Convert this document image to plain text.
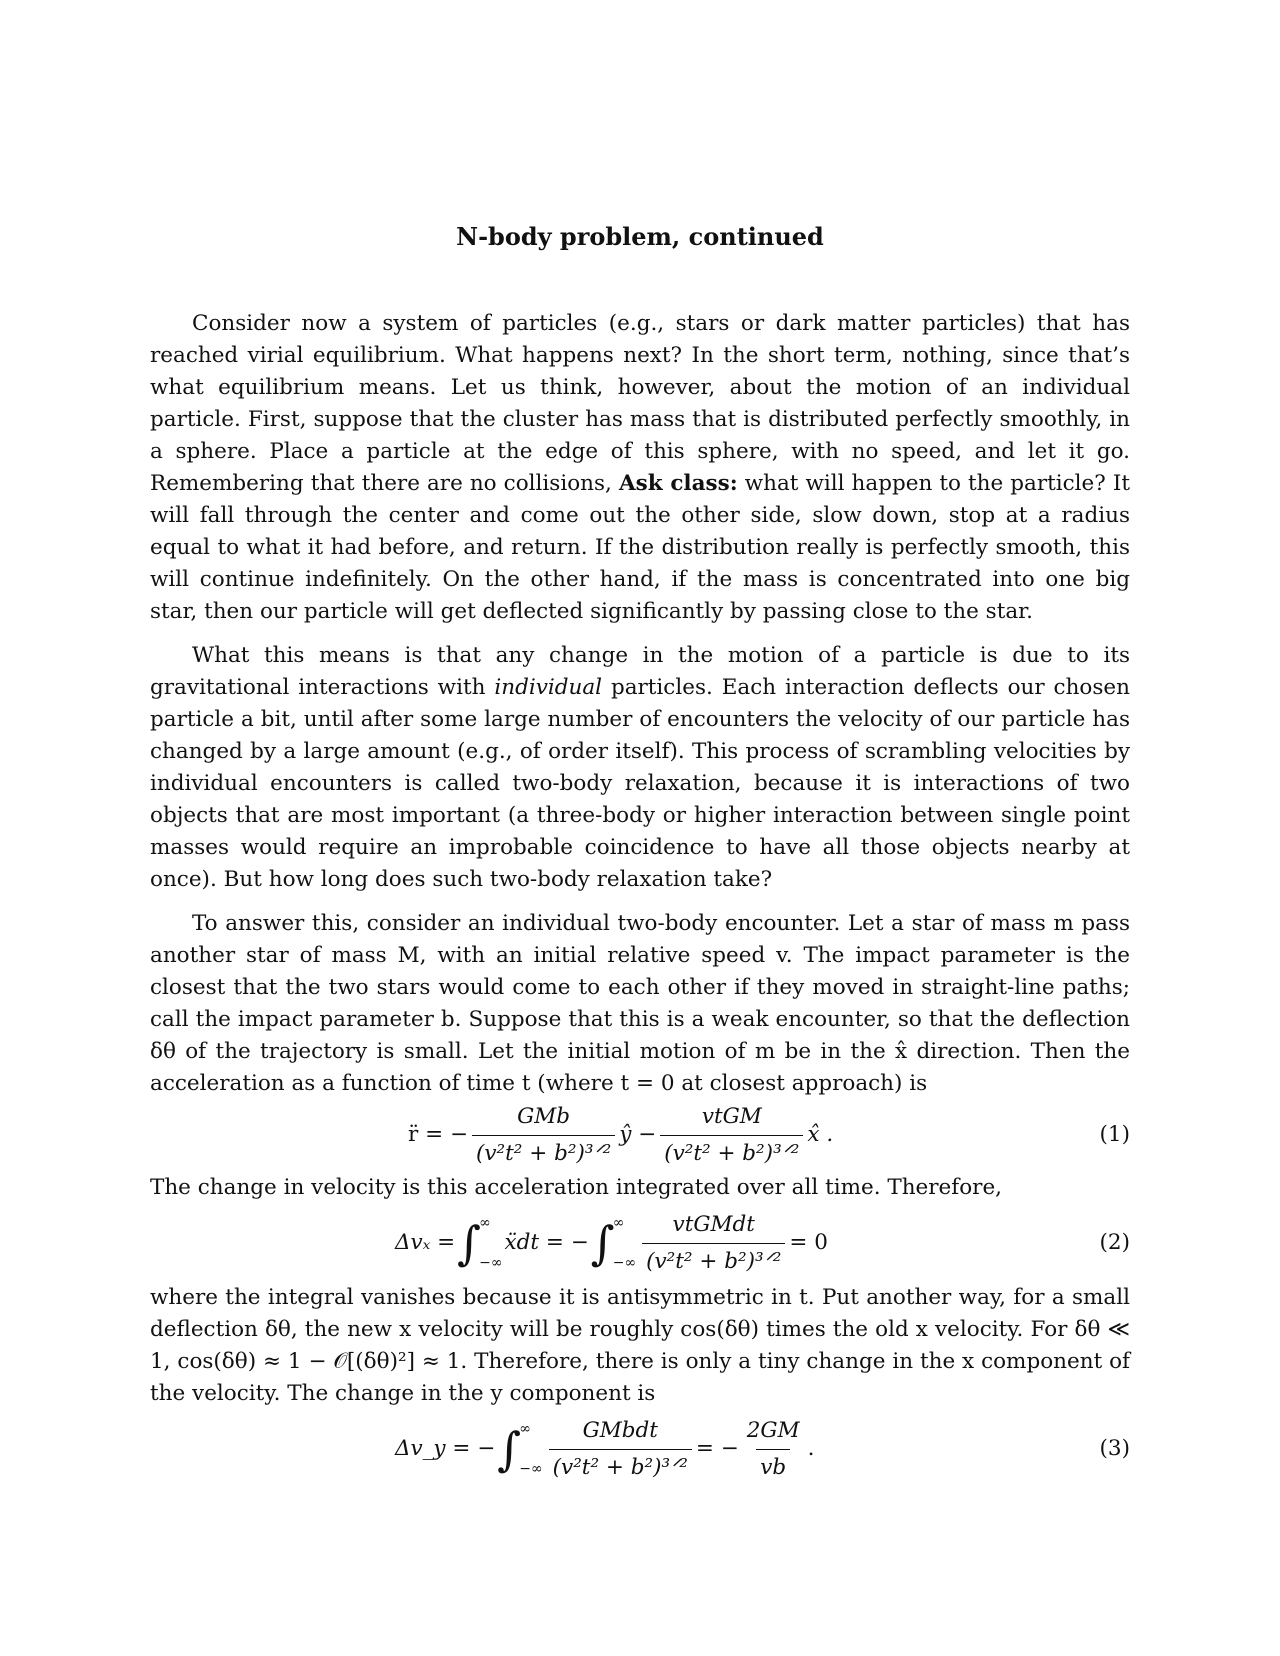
N-body problem, continued

Consider now a system of particles (e.g., stars or dark matter particles) that has reached virial equilibrium. What happens next? In the short term, nothing, since that’s what equilibrium means. Let us think, however, about the motion of an individual particle. First, suppose that the cluster has mass that is distributed perfectly smoothly, in a sphere. Place a particle at the edge of this sphere, with no speed, and let it go. Remembering that there are no collisions, Ask class: what will happen to the particle? It will fall through the center and come out the other side, slow down, stop at a radius equal to what it had before, and return. If the distribution really is perfectly smooth, this will continue indefinitely. On the other hand, if the mass is concentrated into one big star, then our particle will get deflected significantly by passing close to the star.

What this means is that any change in the motion of a particle is due to its gravitational interactions with individual particles. Each interaction deflects our chosen particle a bit, until after some large number of encounters the velocity of our particle has changed by a large amount (e.g., of order itself). This process of scrambling velocities by individual encounters is called two-body relaxation, because it is interactions of two objects that are most important (a three-body or higher interaction between single point masses would require an improbable coincidence to have all those objects nearby at once). But how long does such two-body relaxation take?

To answer this, consider an individual two-body encounter. Let a star of mass m pass another star of mass M, with an initial relative speed v. The impact parameter is the closest that the two stars would come to each other if they moved in straight-line paths; call the impact parameter b. Suppose that this is a weak encounter, so that the deflection δθ of the trajectory is small. Let the initial motion of m be in the x̂ direction. Then the acceleration as a function of time t (where t = 0 at closest approach) is

r̈ = − $\frac{\text{GMb}}{\text{(v²t² + b²)³ᐟ²}}$ ŷ − $\frac{\text{vtGM}}{\text{(v²t² + b²)³ᐟ²}}$ x̂ .	(1)

The change in velocity is this acceleration integrated over all time. Therefore,

Δvₓ = ∫
∞
−∞
ẍdt = − ∫
∞
−∞ $\frac{\text{vtGMdt}}{\text{(v²t² + b²)³ᐟ²}} = 0$	(2)

where the integral vanishes because it is antisymmetric in t. Put another way, for a small deflection δθ, the new x velocity will be roughly cos(δθ) times the old x velocity. For δθ ≪ 1, cos(δθ) ≈ 1 − 𝒪[(δθ)²] ≈ 1. Therefore, there is only a tiny change in the x component of the velocity. The change in the y component is

Δv_y = − ∫
∞
−∞ $\frac{\text{GMbdt}}{\text{(v²t² + b²)³ᐟ²}}$ = − $\frac{2GM}{vb}$ .	(3)
